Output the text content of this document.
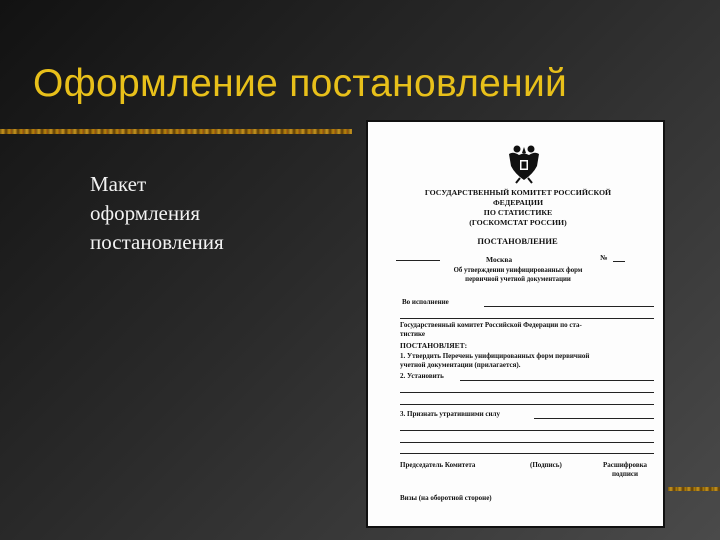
Оформление постановлений
Макет
оформления
постановления
ГОСУДАРСТВЕННЫЙ КОМИТЕТ РОССИЙСКОЙ
ФЕДЕРАЦИИ
ПО СТАТИСТИКЕ
(ГОСКОМСТАТ РОССИИ)
ПОСТАНОВЛЕНИЕ
Москва	№
Об утверждении унифицированных форм
первичной учетной документации
Во исполнение
Государственный комитет Российской Федерации по ста-
тистике
ПОСТАНОВЛЯЕТ:
1. Утвердить Перечень унифицированных форм первичной
учетной документации (прилагается).
2. Установить
3. Признать утратившими силу
Председатель Комитета	(Подпись)	Расшифровка
подписи
Визы (на оборотной стороне)
